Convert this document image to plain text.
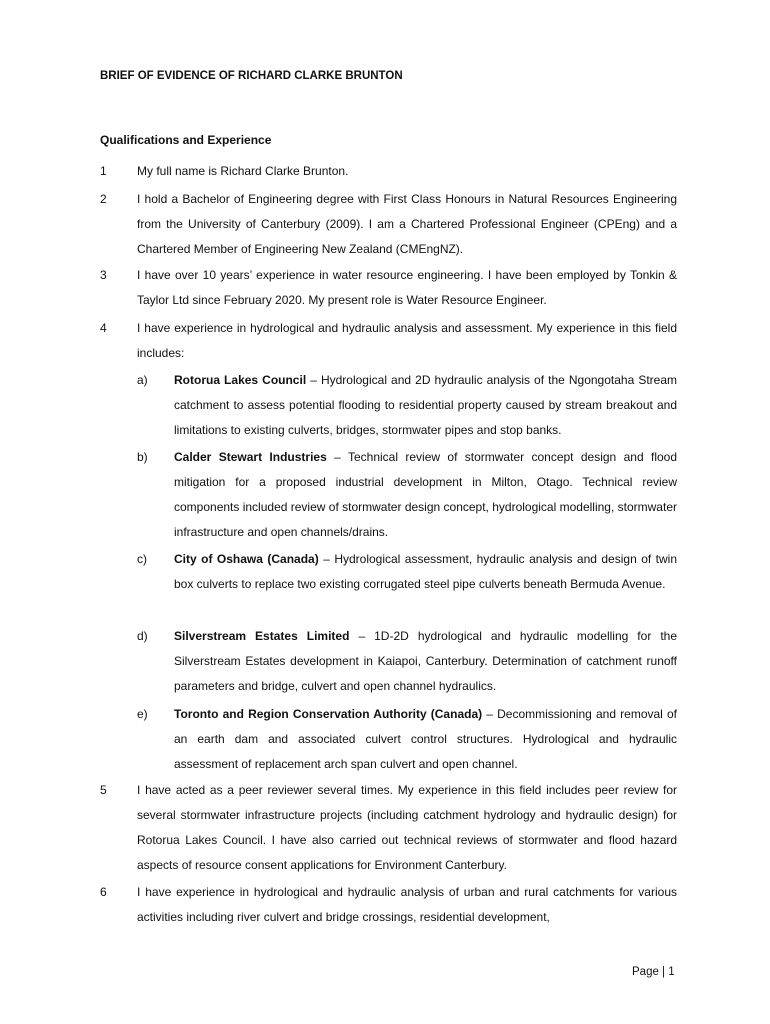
BRIEF OF EVIDENCE OF RICHARD CLARKE BRUNTON
Qualifications and Experience
1	My full name is Richard Clarke Brunton.
2	I hold a Bachelor of Engineering degree with First Class Honours in Natural Resources Engineering from the University of Canterbury (2009). I am a Chartered Professional Engineer (CPEng) and a Chartered Member of Engineering New Zealand (CMEngNZ).
3	I have over 10 years’ experience in water resource engineering. I have been employed by Tonkin & Taylor Ltd since February 2020. My present role is Water Resource Engineer.
4	I have experience in hydrological and hydraulic analysis and assessment. My experience in this field includes:
a)	Rotorua Lakes Council – Hydrological and 2D hydraulic analysis of the Ngongotaha Stream catchment to assess potential flooding to residential property caused by stream breakout and limitations to existing culverts, bridges, stormwater pipes and stop banks.
b)	Calder Stewart Industries – Technical review of stormwater concept design and flood mitigation for a proposed industrial development in Milton, Otago. Technical review components included review of stormwater design concept, hydrological modelling, stormwater infrastructure and open channels/drains.
c)	City of Oshawa (Canada) – Hydrological assessment, hydraulic analysis and design of twin box culverts to replace two existing corrugated steel pipe culverts beneath Bermuda Avenue.
d)	Silverstream Estates Limited – 1D-2D hydrological and hydraulic modelling for the Silverstream Estates development in Kaiapoi, Canterbury. Determination of catchment runoff parameters and bridge, culvert and open channel hydraulics.
e)	Toronto and Region Conservation Authority (Canada) – Decommissioning and removal of an earth dam and associated culvert control structures. Hydrological and hydraulic assessment of replacement arch span culvert and open channel.
5	I have acted as a peer reviewer several times. My experience in this field includes peer review for several stormwater infrastructure projects (including catchment hydrology and hydraulic design) for Rotorua Lakes Council. I have also carried out technical reviews of stormwater and flood hazard aspects of resource consent applications for Environment Canterbury.
6	I have experience in hydrological and hydraulic analysis of urban and rural catchments for various activities including river culvert and bridge crossings, residential development,
Page | 1
